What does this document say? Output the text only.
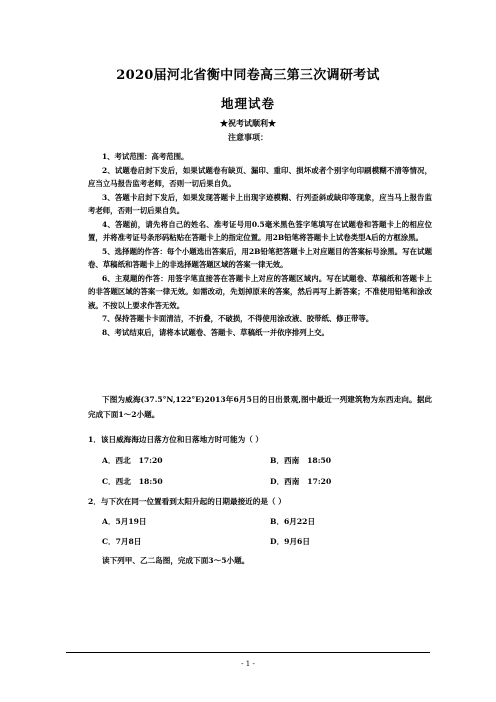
2020届河北省衡中同卷高三第三次调研考试
地理试卷
★祝考试顺利★
注意事项：

1、考试范围：高考范围。

2、试题卷启封下发后，如果试题卷有缺页、漏印、重印、损坏或者个别字句印刷模糊不清等情况，应当立马报告监考老师，否则一切后果自负。

3、答题卡启封下发后，如果发现答题卡上出现字迹模糊、行列歪斜或缺印等现象，应当马上报告监考老师，否则一切后果自负。

4、答题前，请先将自己的姓名、准考证号用0.5毫米黑色签字笔填写在试题卷和答题卡上的相应位置，并将准考证号条形码粘贴在答题卡上的指定位置。用2B铅笔将答题卡上试卷类型A后的方框涂黑。

5、选择题的作答：每个小题选出答案后，用2B铅笔把答题卡上对应题目的答案标号涂黑。写在试题卷、草稿纸和答题卡上的非选择题答题区域的答案一律无效。

6、主观题的作答：用签字笔直接答在答题卡上对应的答题区域内。写在试题卷、草稿纸和答题卡上的非答题区域的答案一律无效。如需改动，先划掉原来的答案，然后再写上新答案；不准使用铅笔和涂改液。不按以上要求作答无效。

7、保持答题卡卡面清洁，不折叠，不破损，不得使用涂改液、胶带纸、修正带等。

8、考试结束后，请将本试题卷、答题卡、草稿纸一并依序排列上交。

下图为威海(37.5°N,122°E)2013年6月5日的日出景观,图中最近一列建筑物为东西走向。据此完成下面1～2小题。

1．该日威海海边日落方位和日落地方时可能为（ ）
A．西北   17:20	B．西南   18:50
C．西北   18:50	D．西南   17:20
2．与下次在同一位置看到太阳升起的日期最接近的是（ ）
A．5月19日	B．6月22日
C．7月8日	D．9月6日
读下列甲、乙二岛图，完成下面3～5小题。
- 1 -
